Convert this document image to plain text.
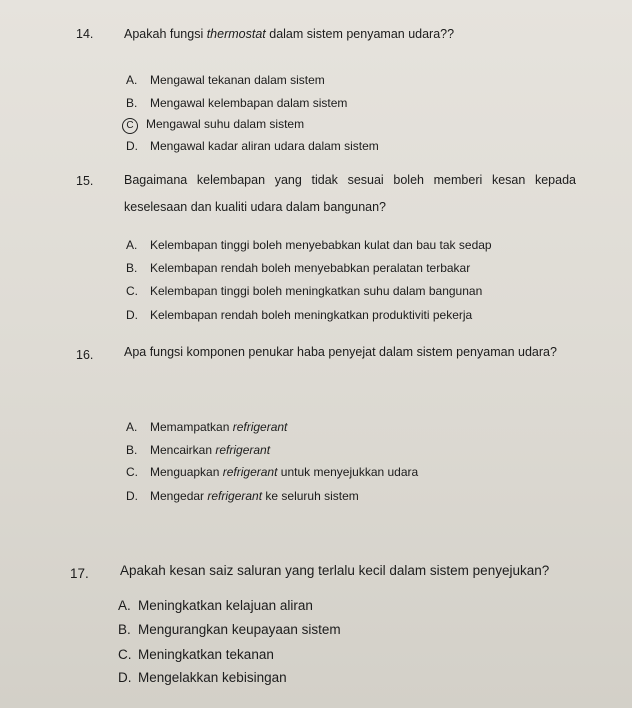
14. Apakah fungsi thermostat dalam sistem penyaman udara??
A. Mengawal tekanan dalam sistem
B. Mengawal kelembapan dalam sistem
C Mengawal suhu dalam sistem
D. Mengawal kadar aliran udara dalam sistem
15. Bagaimana kelembapan yang tidak sesuai boleh memberi kesan kepada
keselesaan dan kualiti udara dalam bangunan?
A. Kelembapan tinggi boleh menyebabkan kulat dan bau tak sedap
B. Kelembapan rendah boleh menyebabkan peralatan terbakar
C. Kelembapan tinggi boleh meningkatkan suhu dalam bangunan
D. Kelembapan rendah boleh meningkatkan produktiviti pekerja
16. Apa fungsi komponen penukar haba penyejat dalam sistem penyaman udara?
A. Memampatkan refrigerant
B. Mencairkan refrigerant
C. Menguapkan refrigerant untuk menyejukkan udara
D. Mengedar refrigerant ke seluruh sistem
17. Apakah kesan saiz saluran yang terlalu kecil dalam sistem penyejukan?
A. Meningkatkan kelajuan aliran
B. Mengurangkan keupayaan sistem
C. Meningkatkan tekanan
D. Mengelakkan kebisingan
